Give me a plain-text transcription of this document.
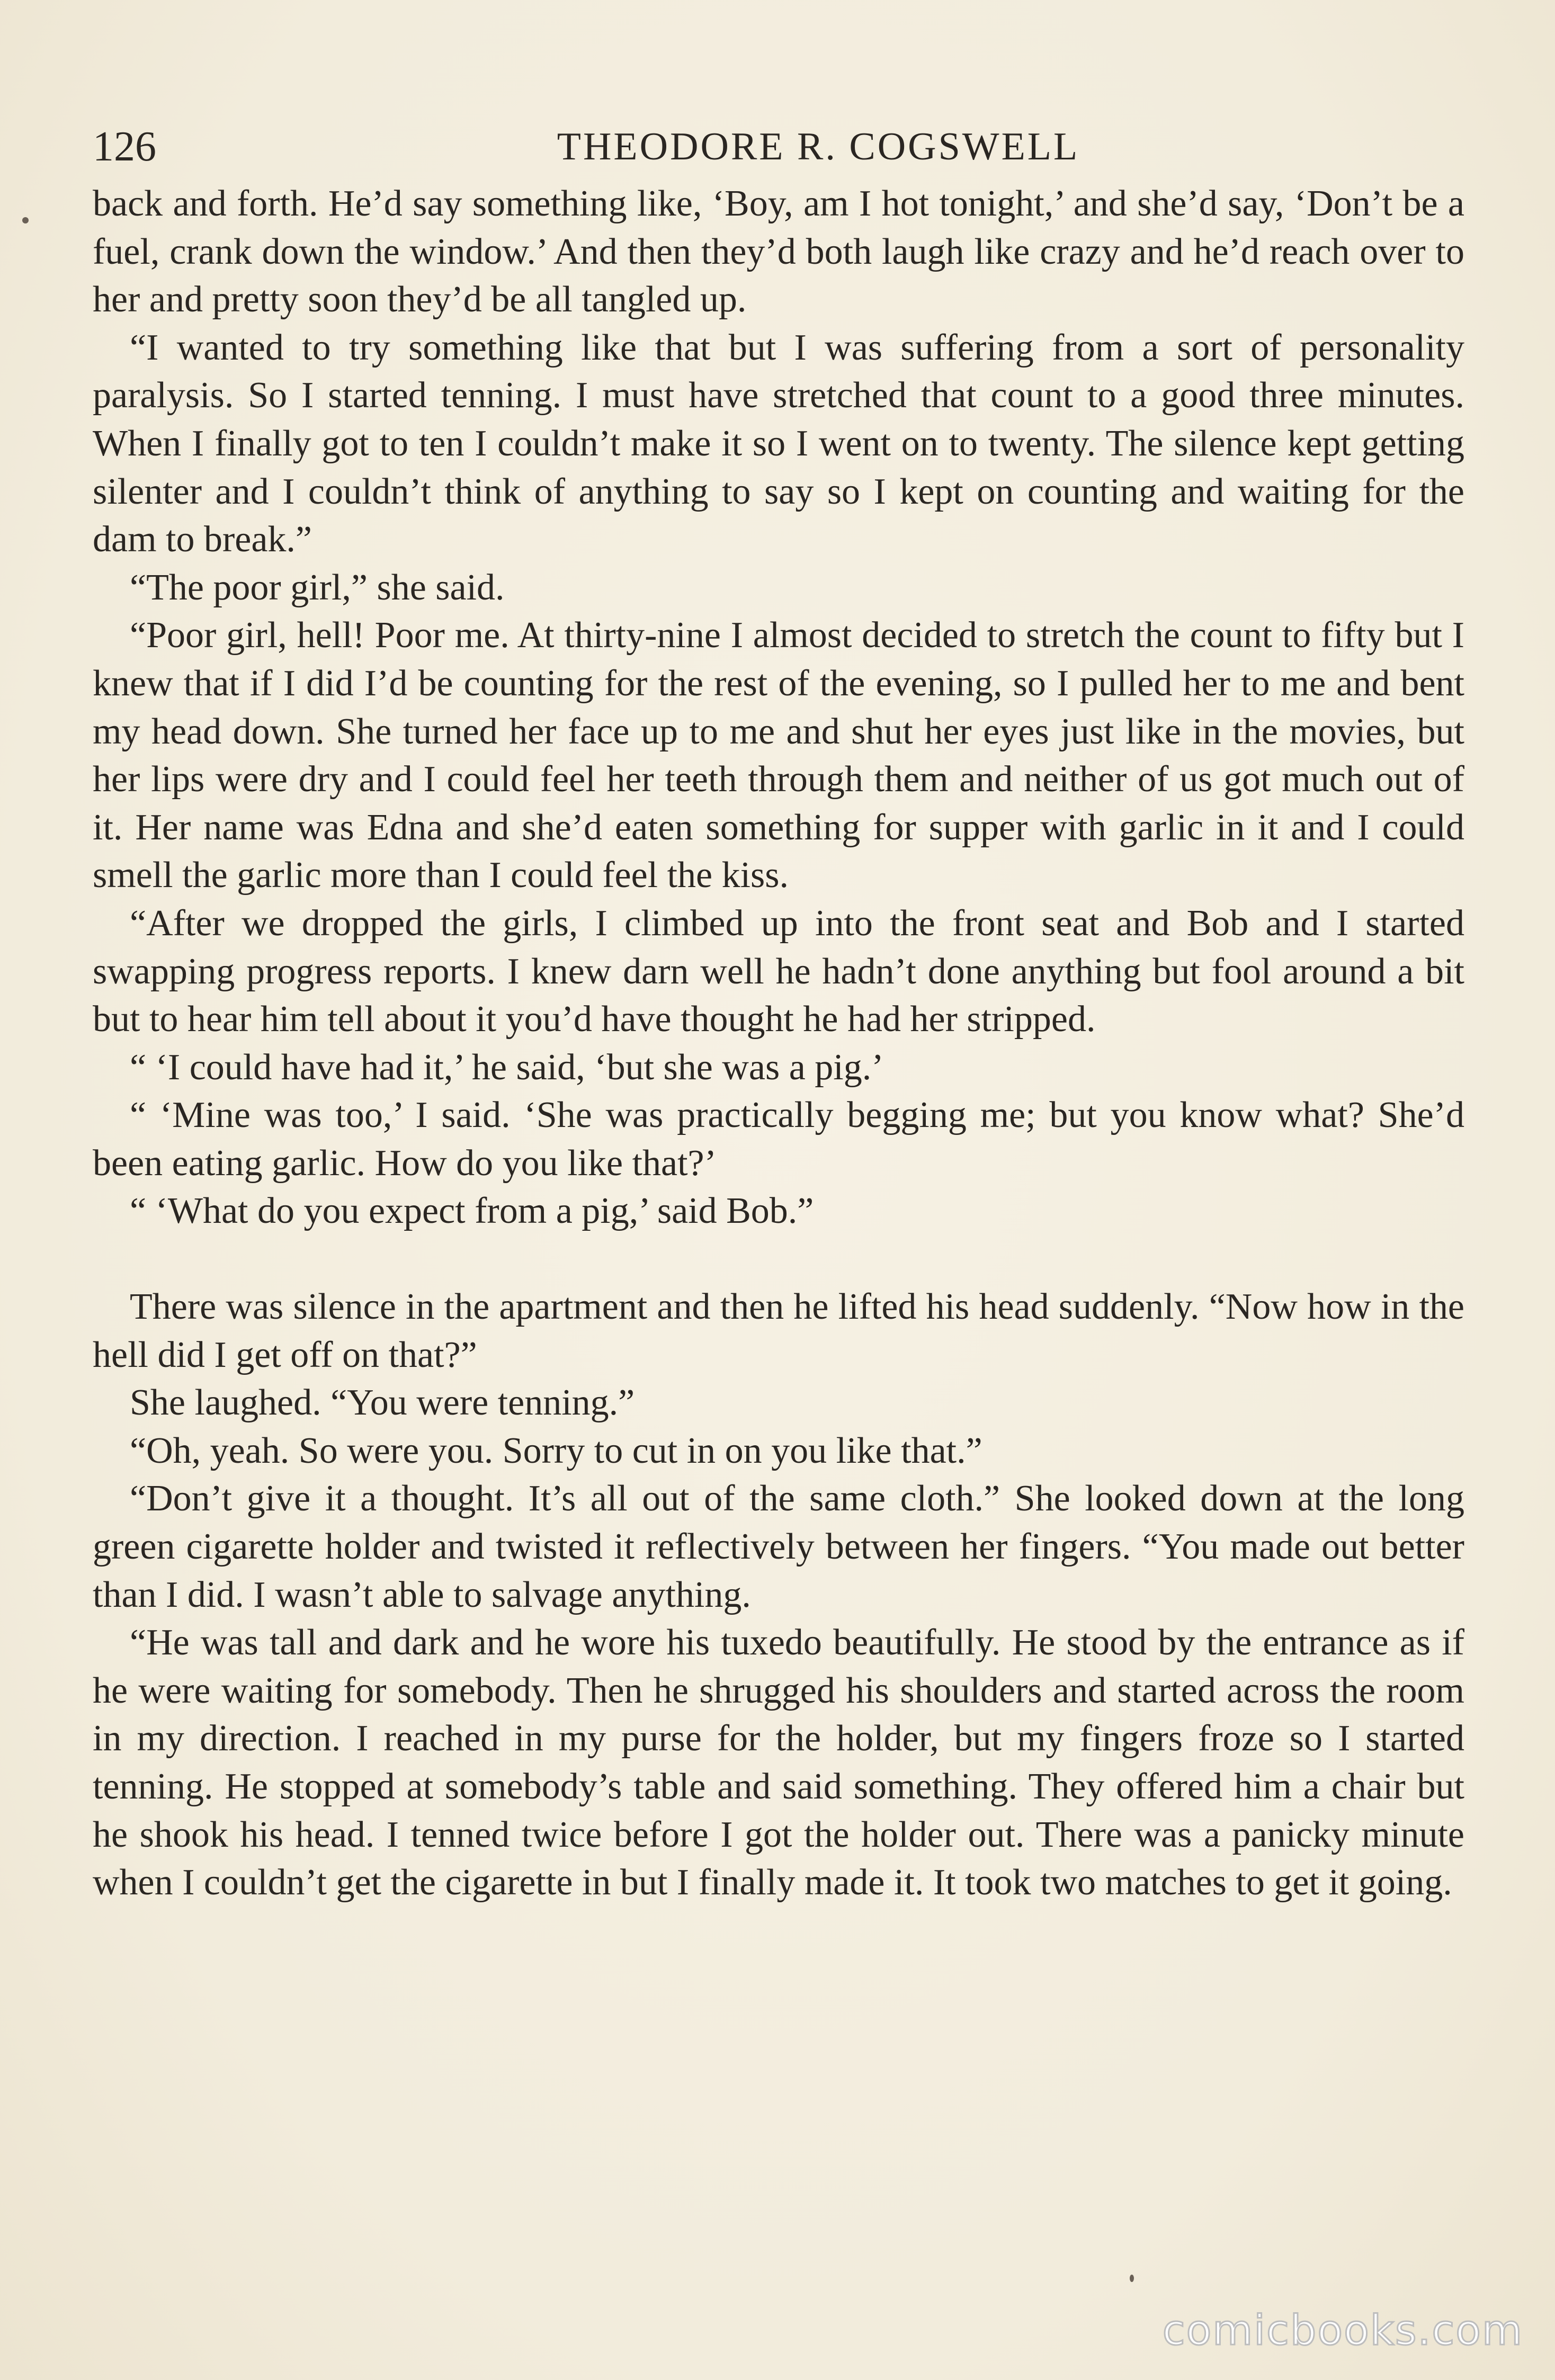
126	THEODORE R. COGSWELL

back and forth. He’d say something like, ‘Boy, am I hot tonight,’ and she’d say, ‘Don’t be a fuel, crank down the window.’ And then they’d both laugh like crazy and he’d reach over to her and pretty soon they’d be all tangled up.

“I wanted to try something like that but I was suffering from a sort of personality paralysis. So I started tenning. I must have stretched that count to a good three minutes. When I finally got to ten I couldn’t make it so I went on to twenty. The silence kept getting silenter and I couldn’t think of anything to say so I kept on counting and waiting for the dam to break.”

“The poor girl,” she said.

“Poor girl, hell! Poor me. At thirty-nine I almost decided to stretch the count to fifty but I knew that if I did I’d be counting for the rest of the evening, so I pulled her to me and bent my head down. She turned her face up to me and shut her eyes just like in the movies, but her lips were dry and I could feel her teeth through them and neither of us got much out of it. Her name was Edna and she’d eaten something for supper with garlic in it and I could smell the garlic more than I could feel the kiss.

“After we dropped the girls, I climbed up into the front seat and Bob and I started swapping progress reports. I knew darn well he hadn’t done anything but fool around a bit but to hear him tell about it you’d have thought he had her stripped.

“ ‘I could have had it,’ he said, ‘but she was a pig.’

“ ‘Mine was too,’ I said. ‘She was practically begging me; but you know what? She’d been eating garlic. How do you like that?’

“ ‘What do you expect from a pig,’ said Bob.”

There was silence in the apartment and then he lifted his head suddenly. “Now how in the hell did I get off on that?”

She laughed. “You were tenning.”

“Oh, yeah. So were you. Sorry to cut in on you like that.”

“Don’t give it a thought. It’s all out of the same cloth.” She looked down at the long green cigarette holder and twisted it reflectively between her fingers. “You made out better than I did. I wasn’t able to salvage anything.

“He was tall and dark and he wore his tuxedo beautifully. He stood by the entrance as if he were waiting for somebody. Then he shrugged his shoulders and started across the room in my direction. I reached in my purse for the holder, but my fingers froze so I started tenning. He stopped at somebody’s table and said something. They offered him a chair but he shook his head. I tenned twice before I got the holder out. There was a panicky minute when I couldn’t get the cigarette in but I finally made it. It took two matches to get it going.

comicbooks.com
